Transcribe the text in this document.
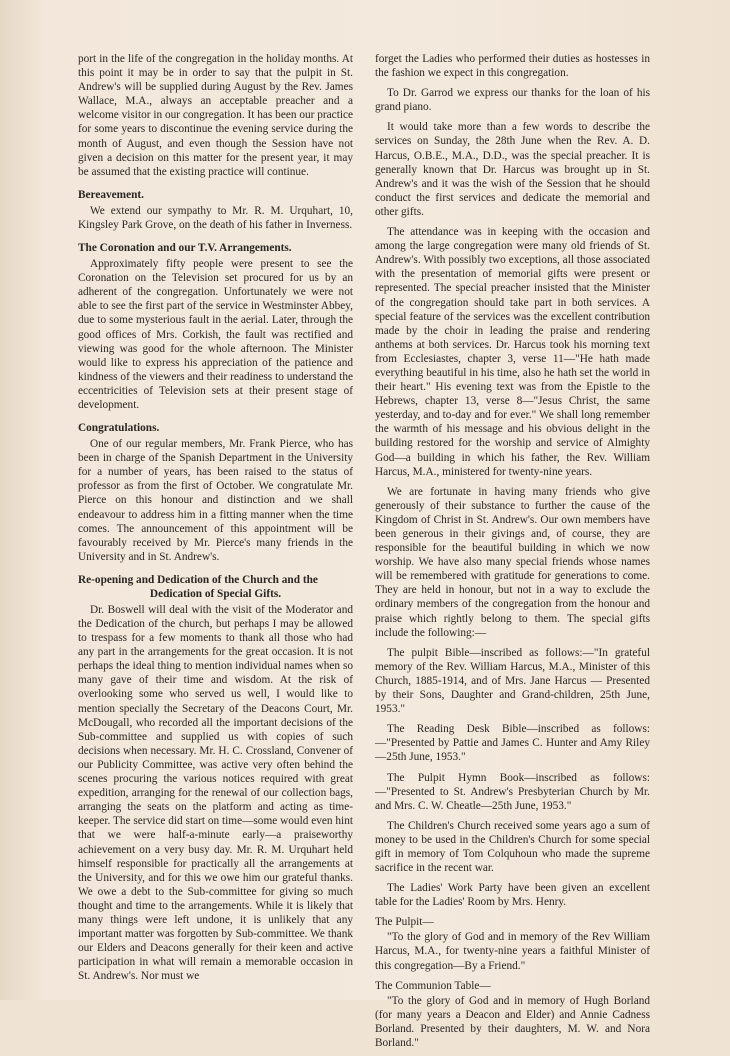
port in the life of the congregation in the holiday months. At this point it may be in order to say that the pulpit in St. Andrew's will be supplied during August by the Rev. James Wallace, M.A., always an acceptable preacher and a welcome visitor in our congregation. It has been our practice for some years to discontinue the evening service during the month of August, and even though the Session have not given a decision on this matter for the present year, it may be assumed that the existing practice will continue.

Bereavement.

We extend our sympathy to Mr. R. M. Urquhart, 10, Kingsley Park Grove, on the death of his father in Inverness.

The Coronation and our T.V. Arrangements.

Approximately fifty people were present to see the Coronation on the Television set procured for us by an adherent of the congregation. Unfortunately we were not able to see the first part of the service in Westminster Abbey, due to some mysterious fault in the aerial. Later, through the good offices of Mrs. Corkish, the fault was rectified and viewing was good for the whole afternoon. The Minister would like to express his appreciation of the patience and kindness of the viewers and their readiness to understand the eccentricities of Television sets at their present stage of development.

Congratulations.

One of our regular members, Mr. Frank Pierce, who has been in charge of the Spanish Department in the University for a number of years, has been raised to the status of professor as from the first of October. We congratulate Mr. Pierce on this honour and distinction and we shall endeavour to address him in a fitting manner when the time comes. The announcement of this appointment will be favourably received by Mr. Pierce's many friends in the University and in St. Andrew's.

Re-opening and Dedication of the Church and the
Dedication of Special Gifts.

Dr. Boswell will deal with the visit of the Moderator and the Dedication of the church, but perhaps I may be allowed to trespass for a few moments to thank all those who had any part in the arrangements for the great occasion. It is not perhaps the ideal thing to mention individual names when so many gave of their time and wisdom. At the risk of overlooking some who served us well, I would like to mention specially the Secretary of the Deacons Court, Mr. McDougall, who recorded all the important decisions of the Sub-committee and supplied us with copies of such decisions when necessary. Mr. H. C. Crossland, Convener of our Publicity Committee, was active very often behind the scenes procuring the various notices required with great expedition, arranging for the renewal of our collection bags, arranging the seats on the platform and acting as time-keeper. The service did start on time—some would even hint that we were half-a-minute early—a praiseworthy achievement on a very busy day. Mr. R. M. Urquhart held himself responsible for practically all the arrangements at the University, and for this we owe him our grateful thanks. We owe a debt to the Sub-committee for giving so much thought and time to the arrangements. While it is likely that many things were left undone, it is unlikely that any important matter was forgotten by Sub-committee. We thank our Elders and Deacons generally for their keen and active participation in what will remain a memorable occasion in St. Andrew's. Nor must we

forget the Ladies who performed their duties as hostesses in the fashion we expect in this congregation.

To Dr. Garrod we express our thanks for the loan of his grand piano.

It would take more than a few words to describe the services on Sunday, the 28th June when the Rev. A. D. Harcus, O.B.E., M.A., D.D., was the special preacher. It is generally known that Dr. Harcus was brought up in St. Andrew's and it was the wish of the Session that he should conduct the first services and dedicate the memorial and other gifts.

The attendance was in keeping with the occasion and among the large congregation were many old friends of St. Andrew's. With possibly two exceptions, all those associated with the presentation of memorial gifts were present or represented. The special preacher insisted that the Minister of the congregation should take part in both services. A special feature of the services was the excellent contribution made by the choir in leading the praise and rendering anthems at both services. Dr. Harcus took his morning text from Ecclesiastes, chapter 3, verse 11—"He hath made everything beautiful in his time, also he hath set the world in their heart." His evening text was from the Epistle to the Hebrews, chapter 13, verse 8—"Jesus Christ, the same yesterday, and to-day and for ever." We shall long remember the warmth of his message and his obvious delight in the building restored for the worship and service of Almighty God—a building in which his father, the Rev. William Harcus, M.A., ministered for twenty-nine years.

We are fortunate in having many friends who give generously of their substance to further the cause of the Kingdom of Christ in St. Andrew's. Our own members have been generous in their givings and, of course, they are responsible for the beautiful building in which we now worship. We have also many special friends whose names will be remembered with gratitude for generations to come. They are held in honour, but not in a way to exclude the ordinary members of the congregation from the honour and praise which rightly belong to them. The special gifts include the following:—

The pulpit Bible—inscribed as follows:—"In grateful memory of the Rev. William Harcus, M.A., Minister of this Church, 1885-1914, and of Mrs. Jane Harcus — Presented by their Sons, Daughter and Grand-children, 25th June, 1953."

The Reading Desk Bible—inscribed as follows:—"Presented by Pattie and James C. Hunter and Amy Riley—25th June, 1953."

The Pulpit Hymn Book—inscribed as follows:—"Presented to St. Andrew's Presbyterian Church by Mr. and Mrs. C. W. Cheatle—25th June, 1953."

The Children's Church received some years ago a sum of money to be used in the Children's Church for some special gift in memory of Tom Colquhoun who made the supreme sacrifice in the recent war.

The Ladies' Work Party have been given an excellent table for the Ladies' Room by Mrs. Henry.

The Pulpit—

"To the glory of God and in memory of the Rev William Harcus, M.A., for twenty-nine years a faithful Minister of this congregation—By a Friend."

The Communion Table—

"To the glory of God and in memory of Hugh Borland (for many years a Deacon and Elder) and Annie Cadness Borland. Presented by their daughters, M. W. and Nora Borland."
